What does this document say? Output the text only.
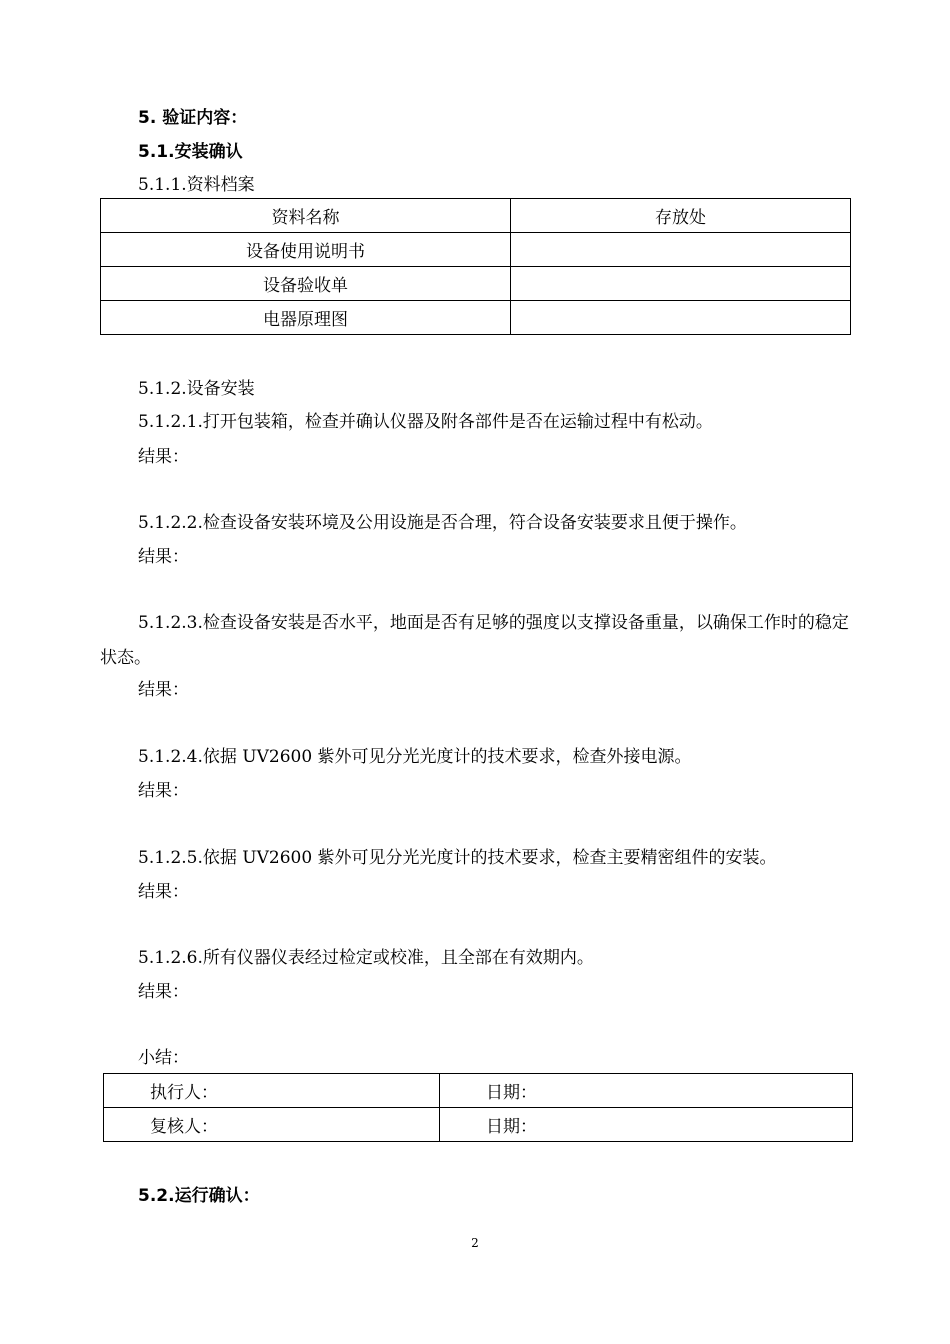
5. 验证内容：
5.1.安装确认
5.1.1.资料档案
资料名称	存放处
设备使用说明书	
设备验收单	
电器原理图	
5.1.2.设备安装
5.1.2.1.打开包装箱，检查并确认仪器及附各部件是否在运输过程中有松动。
结果：
5.1.2.2.检查设备安装环境及公用设施是否合理，符合设备安装要求且便于操作。
结果：
5.1.2.3.检查设备安装是否水平，地面是否有足够的强度以支撑设备重量，以确保工作时的稳定状态。
结果：
5.1.2.4.依据 UV2600 紫外可见分光光度计的技术要求，检查外接电源。
结果：
5.1.2.5.依据 UV2600 紫外可见分光光度计的技术要求，检查主要精密组件的安装。
结果：
5.1.2.6.所有仪器仪表经过检定或校准，且全部在有效期内。
结果：
小结：
执行人：	日期：
复核人：	日期：
5.2.运行确认：
2
